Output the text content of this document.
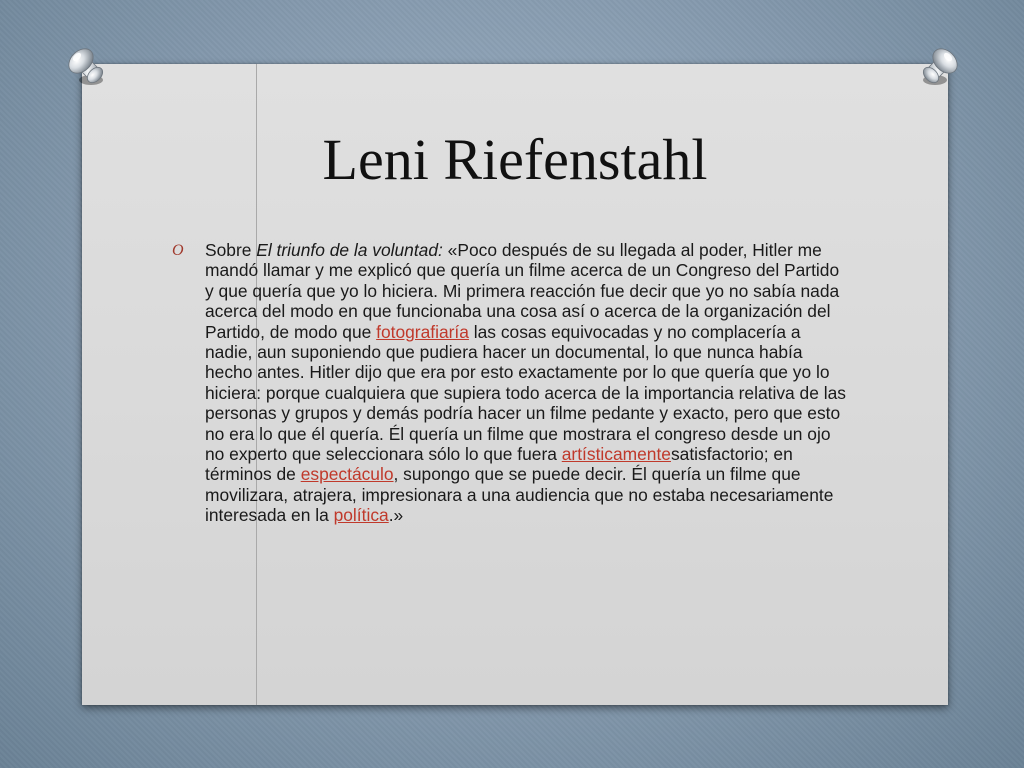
Leni Riefenstahl
O Sobre El triunfo de la voluntad: «Poco después de su llegada al poder, Hitler me mandó llamar y me explicó que quería un filme acerca de un Congreso del Partido y que quería que yo lo hiciera. Mi primera reacción fue decir que yo no sabía nada acerca del modo en que funcionaba una cosa así o acerca de la organización del Partido, de modo que fotografiaría las cosas equivocadas y no complacería a nadie, aun suponiendo que pudiera hacer un documental, lo que nunca había hecho antes. Hitler dijo que era por esto exactamente por lo que quería que yo lo hiciera: porque cualquiera que supiera todo acerca de la importancia relativa de las personas y grupos y demás podría hacer un filme pedante y exacto, pero que esto no era lo que él quería. Él quería un filme que mostrara el congreso desde un ojo no experto que seleccionara sólo lo que fuera artísticamentesatisfactorio; en términos de espectáculo, supongo que se puede decir. Él quería un filme que movilizara, atrajera, impresionara a una audiencia que no estaba necesariamente interesada en la política.»
